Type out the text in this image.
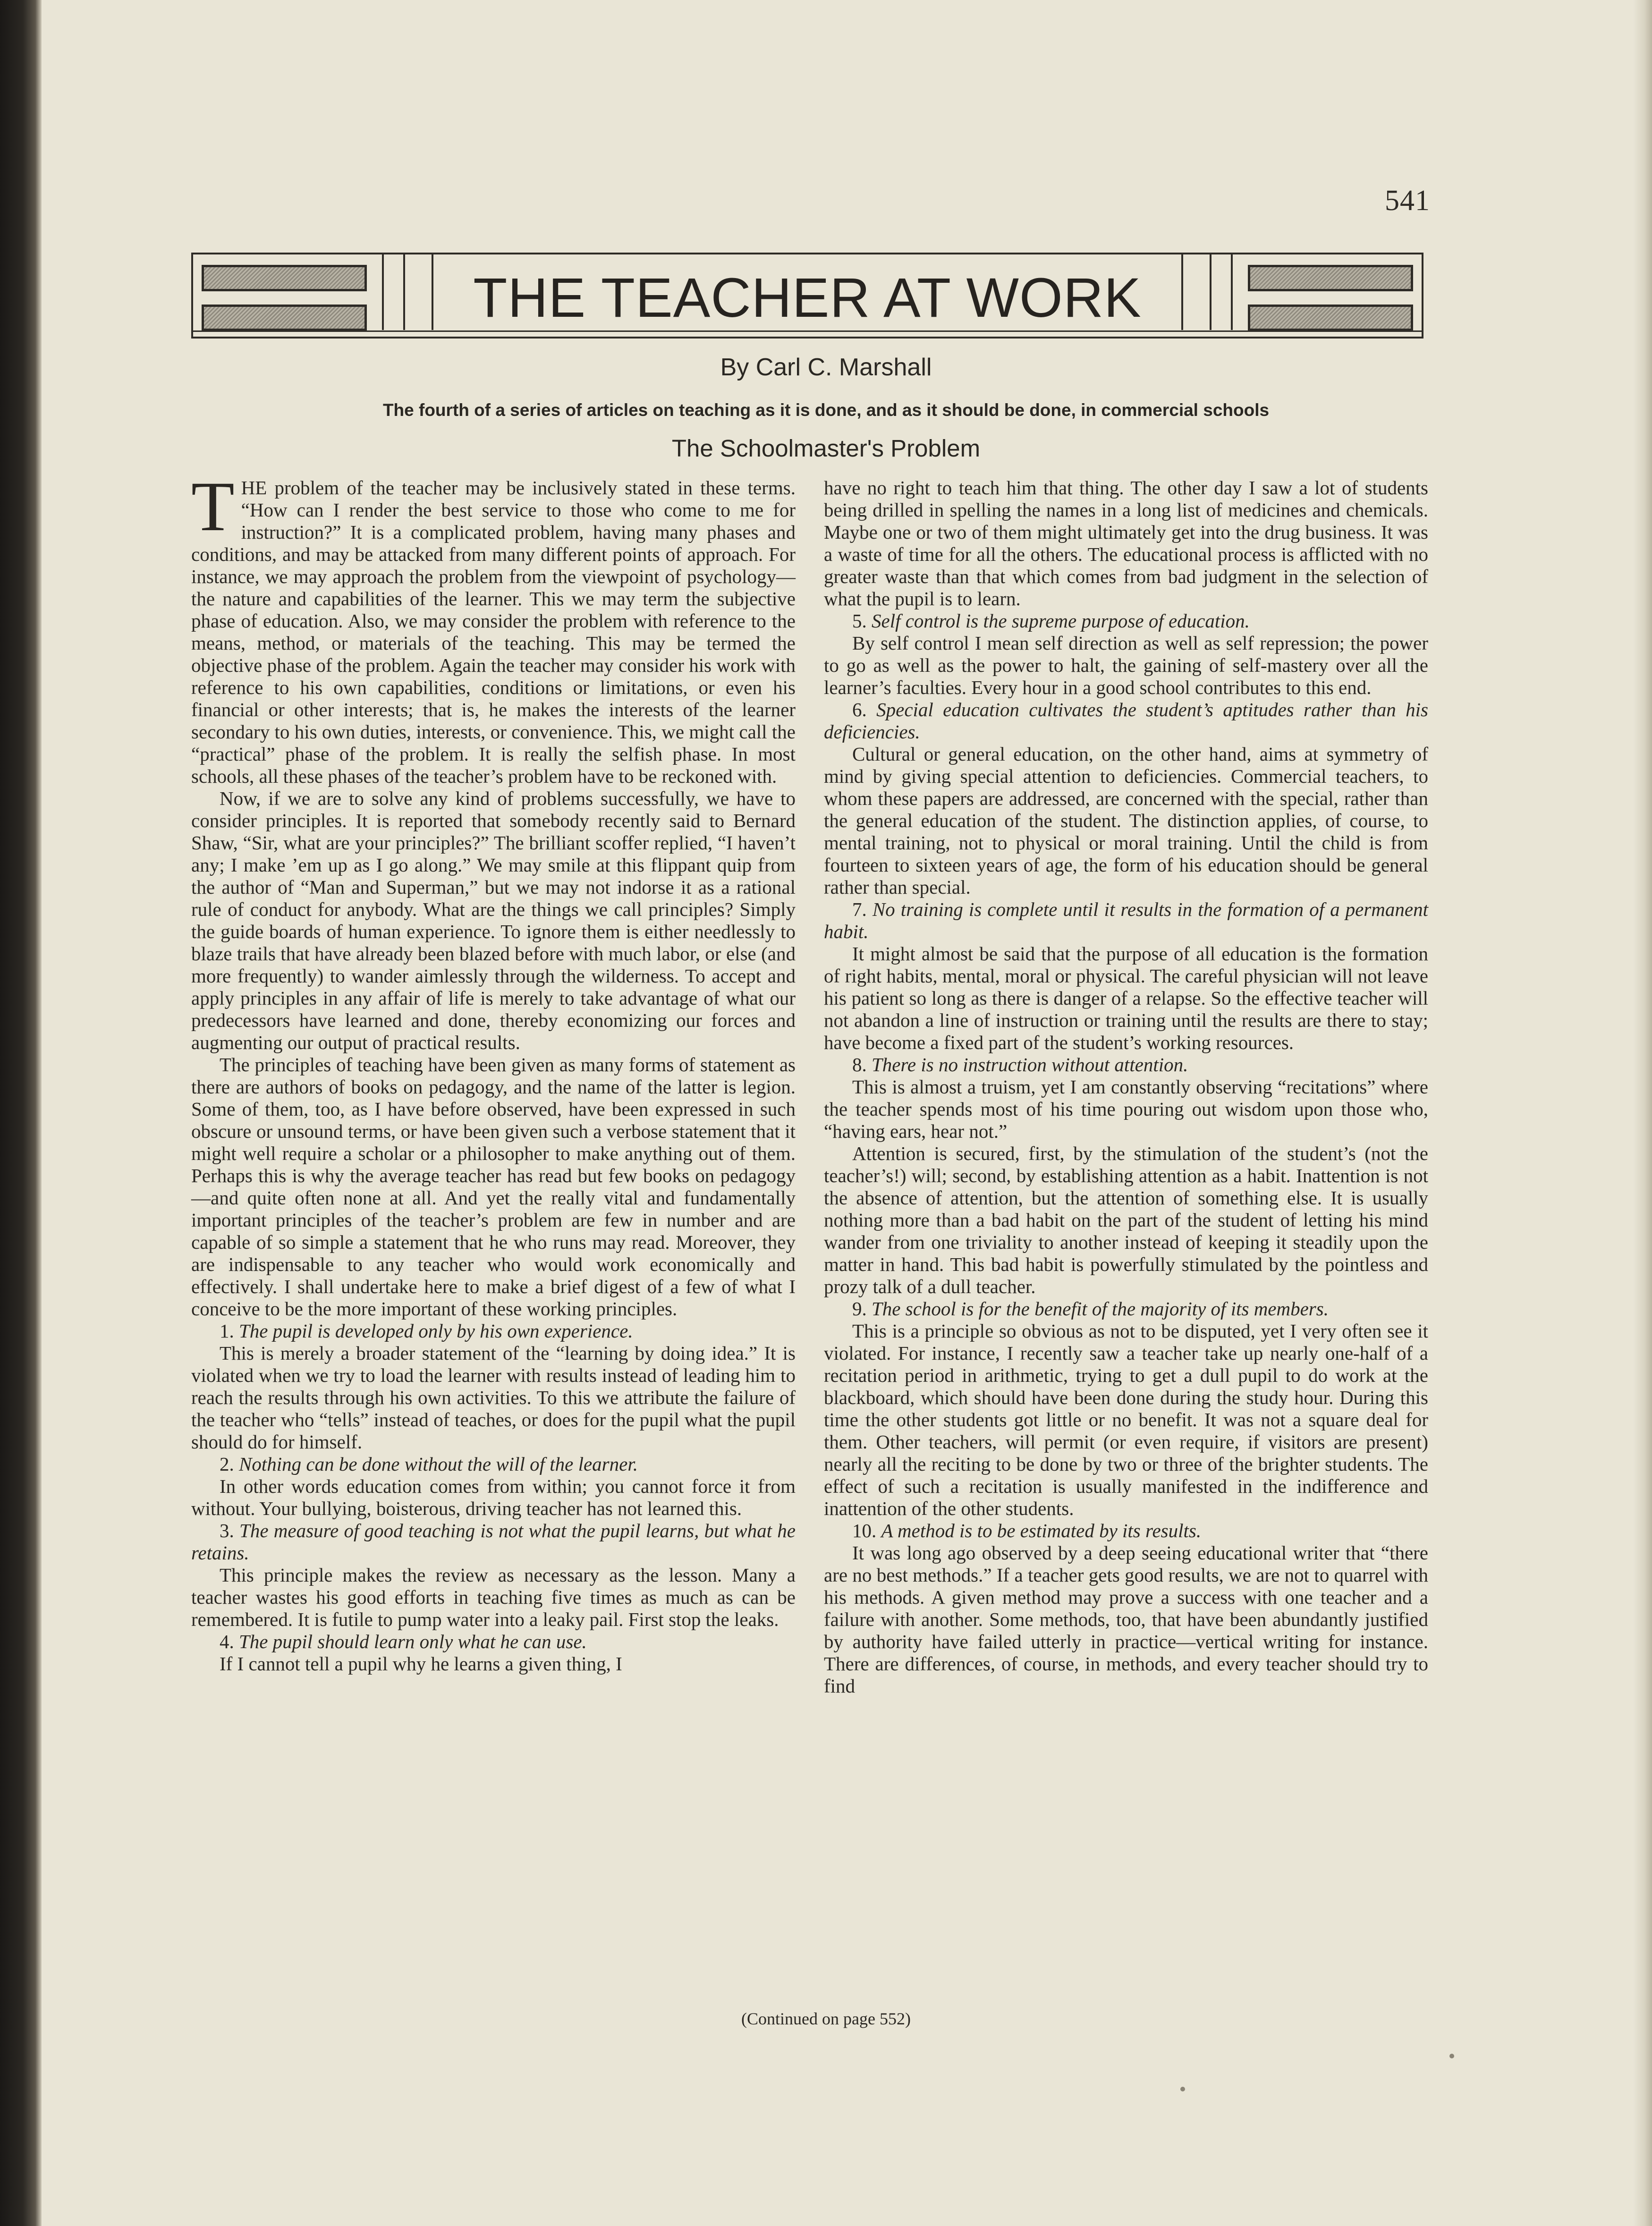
541
THE TEACHER AT WORK
By Carl C. Marshall
The fourth of a series of articles on teaching as it is done, and as it should be done, in commercial schools
The Schoolmaster's Problem

THE problem of the teacher may be inclusively stated in these terms. “How can I render the best service to those who come to me for instruction?” It is a complicated problem, having many phases and conditions, and may be attacked from many different points of approach. For instance, we may approach the problem from the viewpoint of psychology—the nature and capabilities of the learner. This we may term the subjective phase of education. Also, we may consider the problem with reference to the means, method, or materials of the teaching. This may be termed the objective phase of the problem. Again the teacher may consider his work with reference to his own capabilities, conditions or limitations, or even his financial or other interests; that is, he makes the interests of the learner secondary to his own duties, interests, or convenience. This, we might call the “practical” phase of the problem. It is really the selfish phase. In most schools, all these phases of the teacher’s problem have to be reckoned with.

Now, if we are to solve any kind of problems successfully, we have to consider principles. It is reported that somebody recently said to Bernard Shaw, “Sir, what are your principles?” The brilliant scoffer replied, “I haven’t any; I make ’em up as I go along.” We may smile at this flippant quip from the author of “Man and Superman,” but we may not indorse it as a rational rule of conduct for anybody. What are the things we call principles? Simply the guide boards of human experience. To ignore them is either needlessly to blaze trails that have already been blazed before with much labor, or else (and more frequently) to wander aimlessly through the wilderness. To accept and apply principles in any affair of life is merely to take advantage of what our predecessors have learned and done, thereby economizing our forces and augmenting our output of practical results.

The principles of teaching have been given as many forms of statement as there are authors of books on pedagogy, and the name of the latter is legion. Some of them, too, as I have before observed, have been expressed in such obscure or unsound terms, or have been given such a verbose statement that it might well require a scholar or a philosopher to make anything out of them. Perhaps this is why the average teacher has read but few books on pedagogy—and quite often none at all. And yet the really vital and fundamentally important principles of the teacher’s problem are few in number and are capable of so simple a statement that he who runs may read. Moreover, they are indispensable to any teacher who would work economically and effectively. I shall undertake here to make a brief digest of a few of what I conceive to be the more important of these working principles.

1. The pupil is developed only by his own experience.

This is merely a broader statement of the “learning by doing idea.” It is violated when we try to load the learner with results instead of leading him to reach the results through his own activities. To this we attribute the failure of the teacher who “tells” instead of teaches, or does for the pupil what the pupil should do for himself.

2. Nothing can be done without the will of the learner.

In other words education comes from within; you cannot force it from without. Your bullying, boisterous, driving teacher has not learned this.

3. The measure of good teaching is not what the pupil learns, but what he retains.

This principle makes the review as necessary as the lesson. Many a teacher wastes his good efforts in teaching five times as much as can be remembered. It is futile to pump water into a leaky pail. First stop the leaks.

4. The pupil should learn only what he can use.

If I cannot tell a pupil why he learns a given thing, I

have no right to teach him that thing. The other day I saw a lot of students being drilled in spelling the names in a long list of medicines and chemicals. Maybe one or two of them might ultimately get into the drug business. It was a waste of time for all the others. The educational process is afflicted with no greater waste than that which comes from bad judgment in the selection of what the pupil is to learn.

5. Self control is the supreme purpose of education.

By self control I mean self direction as well as self repression; the power to go as well as the power to halt, the gaining of self-mastery over all the learner’s faculties. Every hour in a good school contributes to this end.

6. Special education cultivates the student’s aptitudes rather than his deficiencies.

Cultural or general education, on the other hand, aims at symmetry of mind by giving special attention to deficiencies. Commercial teachers, to whom these papers are addressed, are concerned with the special, rather than the general education of the student. The distinction applies, of course, to mental training, not to physical or moral training. Until the child is from fourteen to sixteen years of age, the form of his education should be general rather than special.

7. No training is complete until it results in the formation of a permanent habit.

It might almost be said that the purpose of all education is the formation of right habits, mental, moral or physical. The careful physician will not leave his patient so long as there is danger of a relapse. So the effective teacher will not abandon a line of instruction or training until the results are there to stay; have become a fixed part of the student’s working resources.

8. There is no instruction without attention.

This is almost a truism, yet I am constantly observing “recitations” where the teacher spends most of his time pouring out wisdom upon those who, “having ears, hear not.”

Attention is secured, first, by the stimulation of the student’s (not the teacher’s!) will; second, by establishing attention as a habit. Inattention is not the absence of attention, but the attention of something else. It is usually nothing more than a bad habit on the part of the student of letting his mind wander from one triviality to another instead of keeping it steadily upon the matter in hand. This bad habit is powerfully stimulated by the pointless and prozy talk of a dull teacher.

9. The school is for the benefit of the majority of its members.

This is a principle so obvious as not to be disputed, yet I very often see it violated. For instance, I recently saw a teacher take up nearly one-half of a recitation period in arithmetic, trying to get a dull pupil to do work at the blackboard, which should have been done during the study hour. During this time the other students got little or no benefit. It was not a square deal for them. Other teachers, will permit (or even require, if visitors are present) nearly all the reciting to be done by two or three of the brighter students. The effect of such a recitation is usually manifested in the indifference and inattention of the other students.

10. A method is to be estimated by its results.

It was long ago observed by a deep seeing educational writer that “there are no best methods.” If a teacher gets good results, we are not to quarrel with his methods. A given method may prove a success with one teacher and a failure with another. Some methods, too, that have been abundantly justified by authority have failed utterly in practice—vertical writing for instance. There are differences, of course, in methods, and every teacher should try to find

(Continued on page 552)
